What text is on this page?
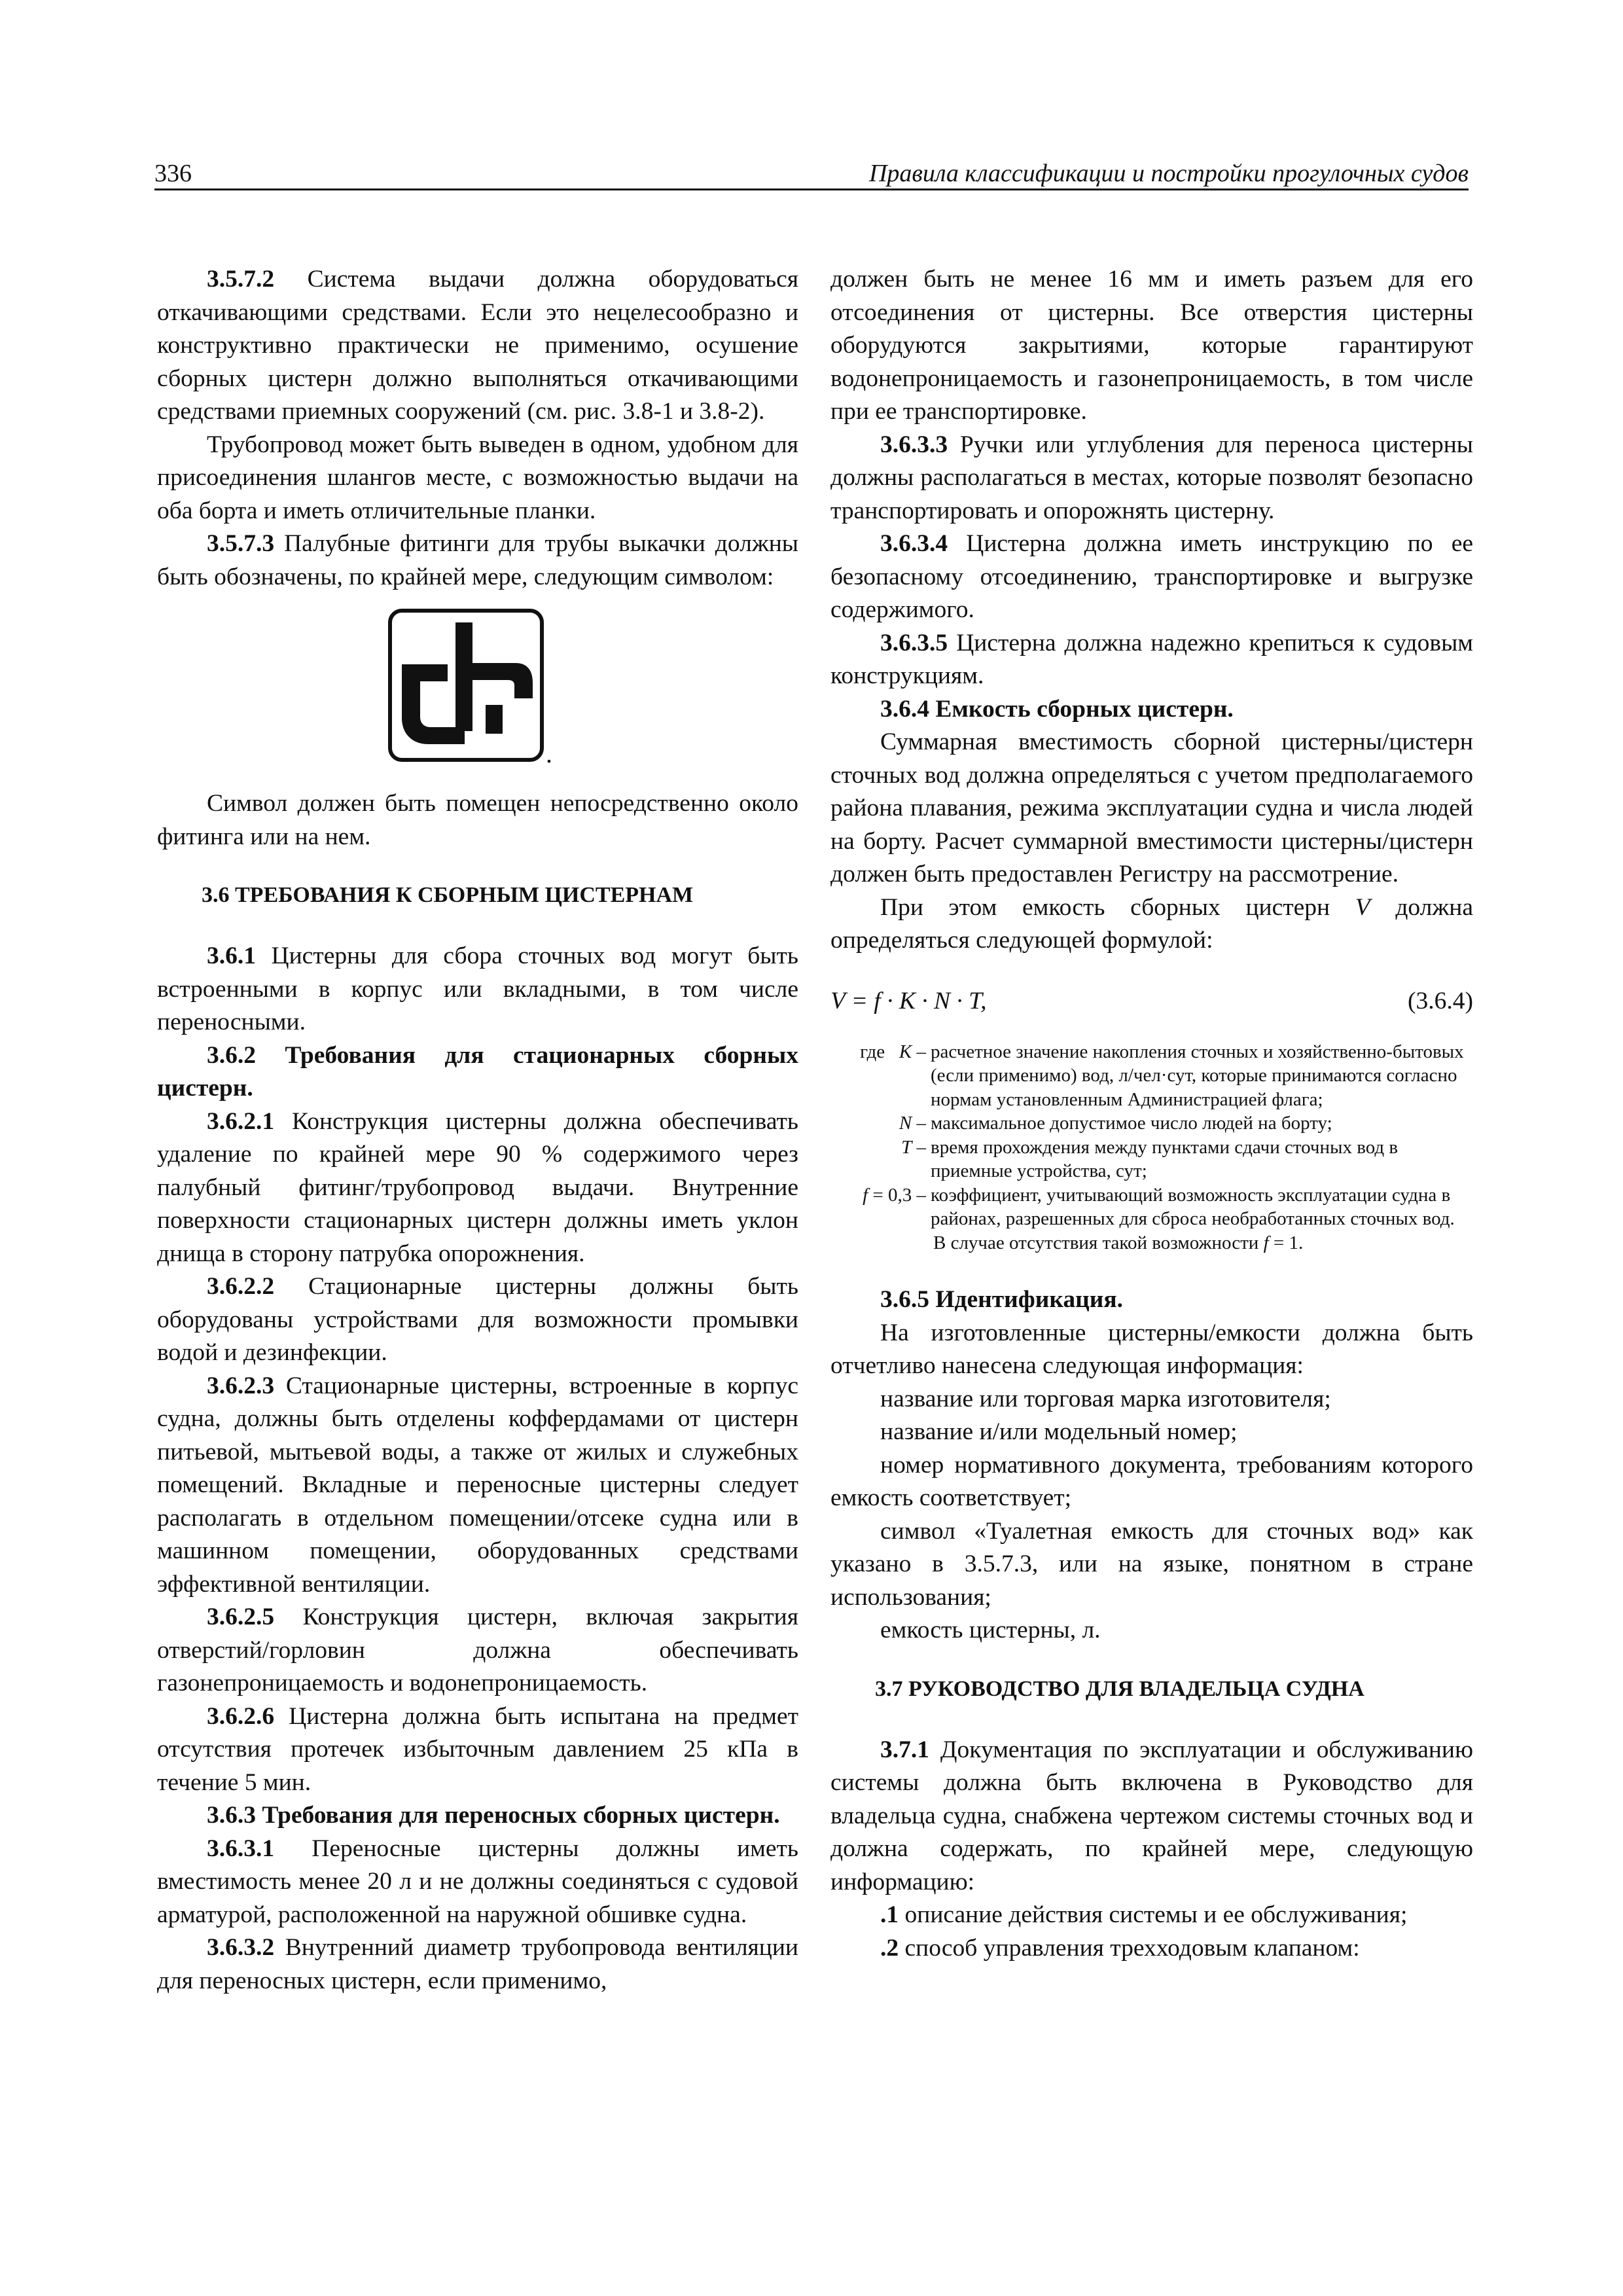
336	Правила классификации и постройки прогулочных судов

3.5.7.2 Система выдачи должна оборудоваться откачивающими средствами. Если это нецелесообразно и конструктивно практически не применимо, осушение сборных цистерн должно выполняться откачивающими средствами приемных сооружений (см. рис. 3.8-1 и 3.8-2).

Трубопровод может быть выведен в одном, удобном для присоединения шлангов месте, с возможностью выдачи на оба борта и иметь отличительные планки.

3.5.7.3 Палубные фитинги для трубы выкачки должны быть обозначены, по крайней мере, следующим символом:

.

Символ должен быть помещен непосредственно около фитинга или на нем.

3.6 ТРЕБОВАНИЯ К СБОРНЫМ ЦИСТЕРНАМ

3.6.1 Цистерны для сбора сточных вод могут быть встроенными в корпус или вкладными, в том числе переносными.

3.6.2 Требования для стационарных сборных цистерн.

3.6.2.1 Конструкция цистерны должна обеспечивать удаление по крайней мере 90 % содержимого через палубный фитинг/трубопровод выдачи. Внутренние поверхности стационарных цистерн должны иметь уклон днища в сторону патрубка опорожнения.

3.6.2.2 Стационарные цистерны должны быть оборудованы устройствами для возможности промывки водой и дезинфекции.

3.6.2.3 Стационарные цистерны, встроенные в корпус судна, должны быть отделены коффердамами от цистерн питьевой, мытьевой воды, а также от жилых и служебных помещений. Вкладные и переносные цистерны следует располагать в отдельном помещении/отсеке судна или в машинном помещении, оборудованных средствами эффективной вентиляции.

3.6.2.5 Конструкция цистерн, включая закрытия отверстий/горловин должна обеспечивать газонепроницаемость и водонепроницаемость.

3.6.2.6 Цистерна должна быть испытана на предмет отсутствия протечек избыточным давлением 25 кПа в течение 5 мин.

3.6.3 Требования для переносных сборных цистерн.

3.6.3.1 Переносные цистерны должны иметь вместимость менее 20 л и не должны соединяться с судовой арматурой, расположенной на наружной обшивке судна.

3.6.3.2 Внутренний диаметр трубопровода вентиляции для переносных цистерн, если применимо,

должен быть не менее 16 мм и иметь разъем для его отсоединения от цистерны. Все отверстия цистерны оборудуются закрытиями, которые гарантируют водонепроницаемость и газонепроницаемость, в том числе при ее транспортировке.

3.6.3.3 Ручки или углубления для переноса цистерны должны располагаться в местах, которые позволят безопасно транспортировать и опорожнять цистерну.

3.6.3.4 Цистерна должна иметь инструкцию по ее безопасному отсоединению, транспортировке и выгрузке содержимого.

3.6.3.5 Цистерна должна надежно крепиться к судовым конструкциям.

3.6.4 Емкость сборных цистерн.

Суммарная вместимость сборной цистерны/цистерн сточных вод должна определяться с учетом предполагаемого района плавания, режима эксплуатации судна и числа людей на борту. Расчет суммарной вместимости цистерны/цистерн должен быть предоставлен Регистру на рассмотрение.

При этом емкость сборных цистерн V должна определяться следующей формулой:

V = f · K · N · T,	(3.6.4)
где   K – расчетное значение накопления сточных и хозяйственно-бытовых (если применимо) вод, л/чел·сут, которые принимаются согласно нормам установленным Администрацией флага;
N – максимальное допустимое число людей на борту;
T – время прохождения между пунктами сдачи сточных вод в приемные устройства, сут;
f = 0,3 – коэффициент, учитывающий возможность эксплуатации судна в районах, разрешенных для сброса необработанных сточных вод.
В случае отсутствия такой возможности f = 1.

3.6.5 Идентификация.

На изготовленные цистерны/емкости должна быть отчетливо нанесена следующая информация:

название или торговая марка изготовителя;

название и/или модельный номер;

номер нормативного документа, требованиям которого емкость соответствует;

символ «Туалетная емкость для сточных вод» как указано в 3.5.7.3, или на языке, понятном в стране использования;

емкость цистерны, л.

3.7 РУКОВОДСТВО ДЛЯ ВЛАДЕЛЬЦА СУДНА

3.7.1 Документация по эксплуатации и обслуживанию системы должна быть включена в Руководство для владельца судна, снабжена чертежом системы сточных вод и должна содержать, по крайней мере, следующую информацию:

.1 описание действия системы и ее обслуживания;

.2 способ управления трехходовым клапаном:
